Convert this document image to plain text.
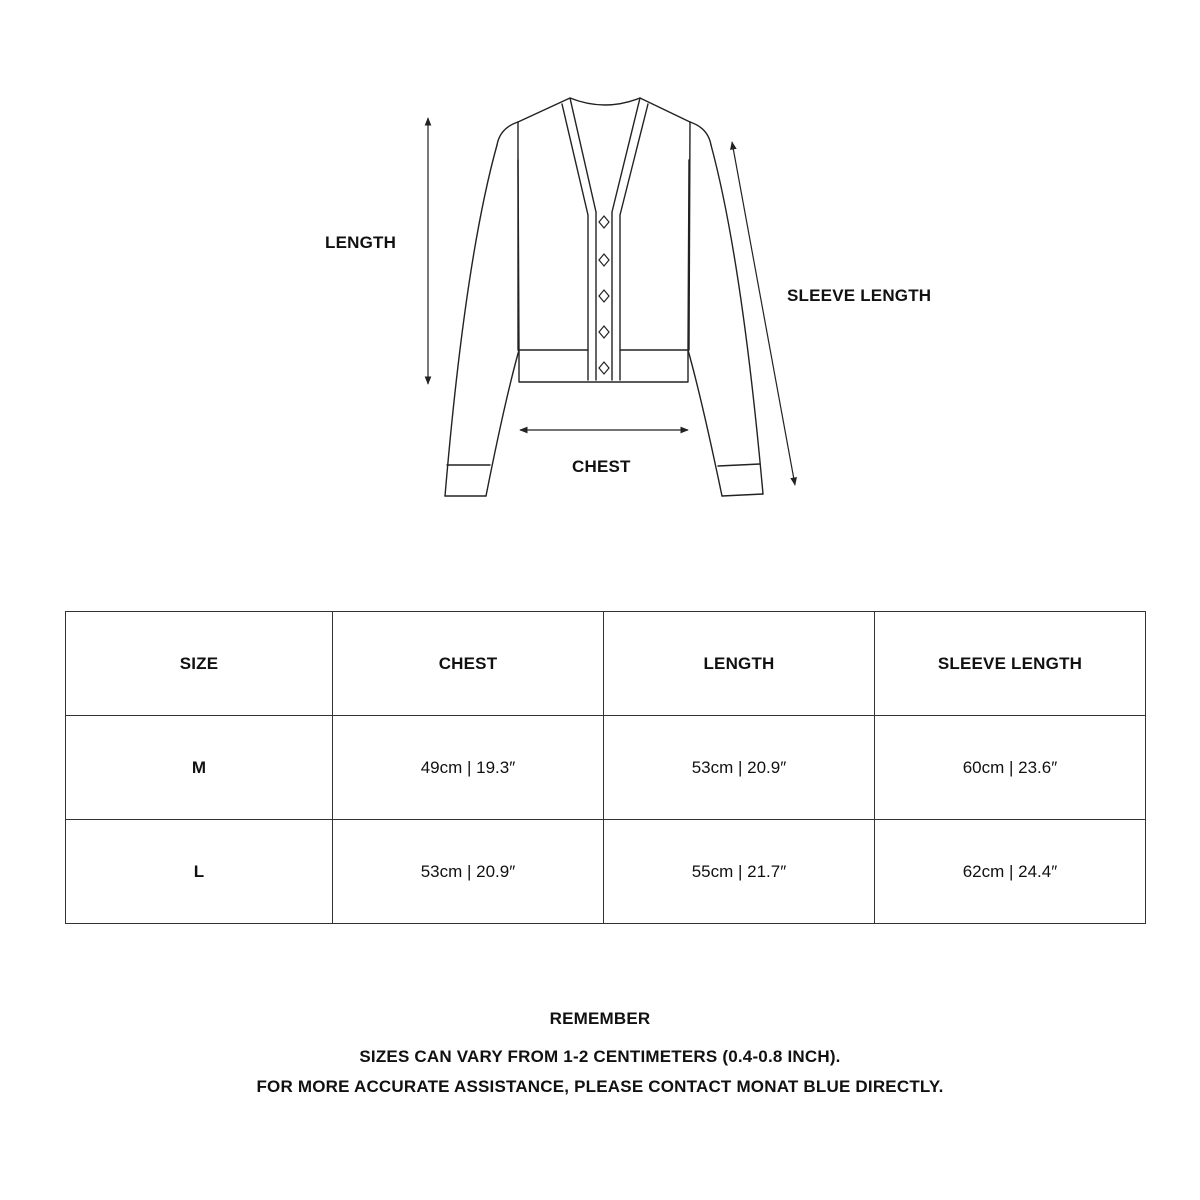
LENGTH
SLEEVE LENGTH
CHEST
SIZE	CHEST	LENGTH	SLEEVE LENGTH
M	49cm | 19.3″	53cm | 20.9″	60cm | 23.6″
L	53cm | 20.9″	55cm | 21.7″	62cm | 24.4″
REMEMBER
SIZES CAN VARY FROM 1-2 CENTIMETERS (0.4-0.8 INCH).
FOR MORE ACCURATE ASSISTANCE, PLEASE CONTACT MONAT BLUE DIRECTLY.
